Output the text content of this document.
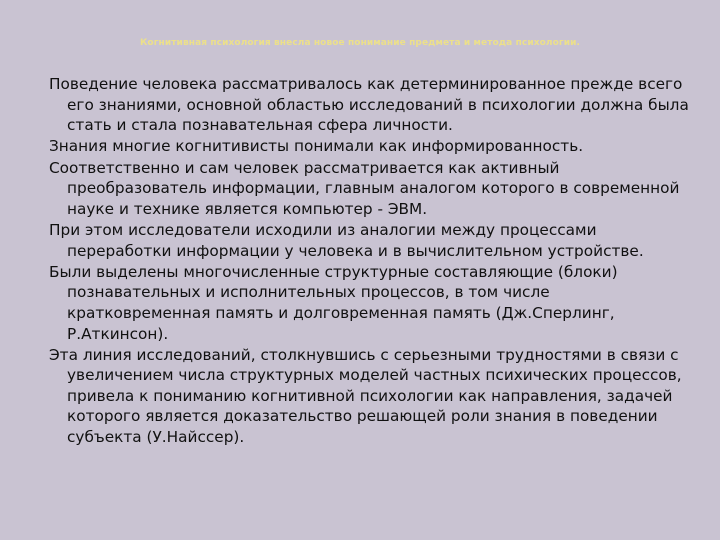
Когнитивная психология внесла новое понимание предмета и метода психологии.

Поведение человека рассматривалось как детерминированное прежде всего его знаниями, основной областью исследований в психологии должна была стать и стала познавательная сфера личности.

Знания многие когнитивисты понимали как информированность.

Соответственно и сам человек рассматривается как активный преобразователь информации, главным аналогом которого в современной науке и технике является компьютер - ЭВМ.

При этом исследователи исходили из аналогии между процессами переработки информации у человека и в вычислительном устройстве.

Были выделены многочисленные структурные составляющие (блоки) познавательных и исполнительных процессов, в том числе кратковременная память и долговременная память (Дж.Сперлинг, Р.Аткинсон).

Эта линия исследований, столкнувшись с серьезными трудностями в связи с увеличением числа структурных моделей частных психических процессов, привела к пониманию когнитивной психологии как направления, задачей которого является доказательство решающей роли знания в поведении субъекта (У.Найссер).
